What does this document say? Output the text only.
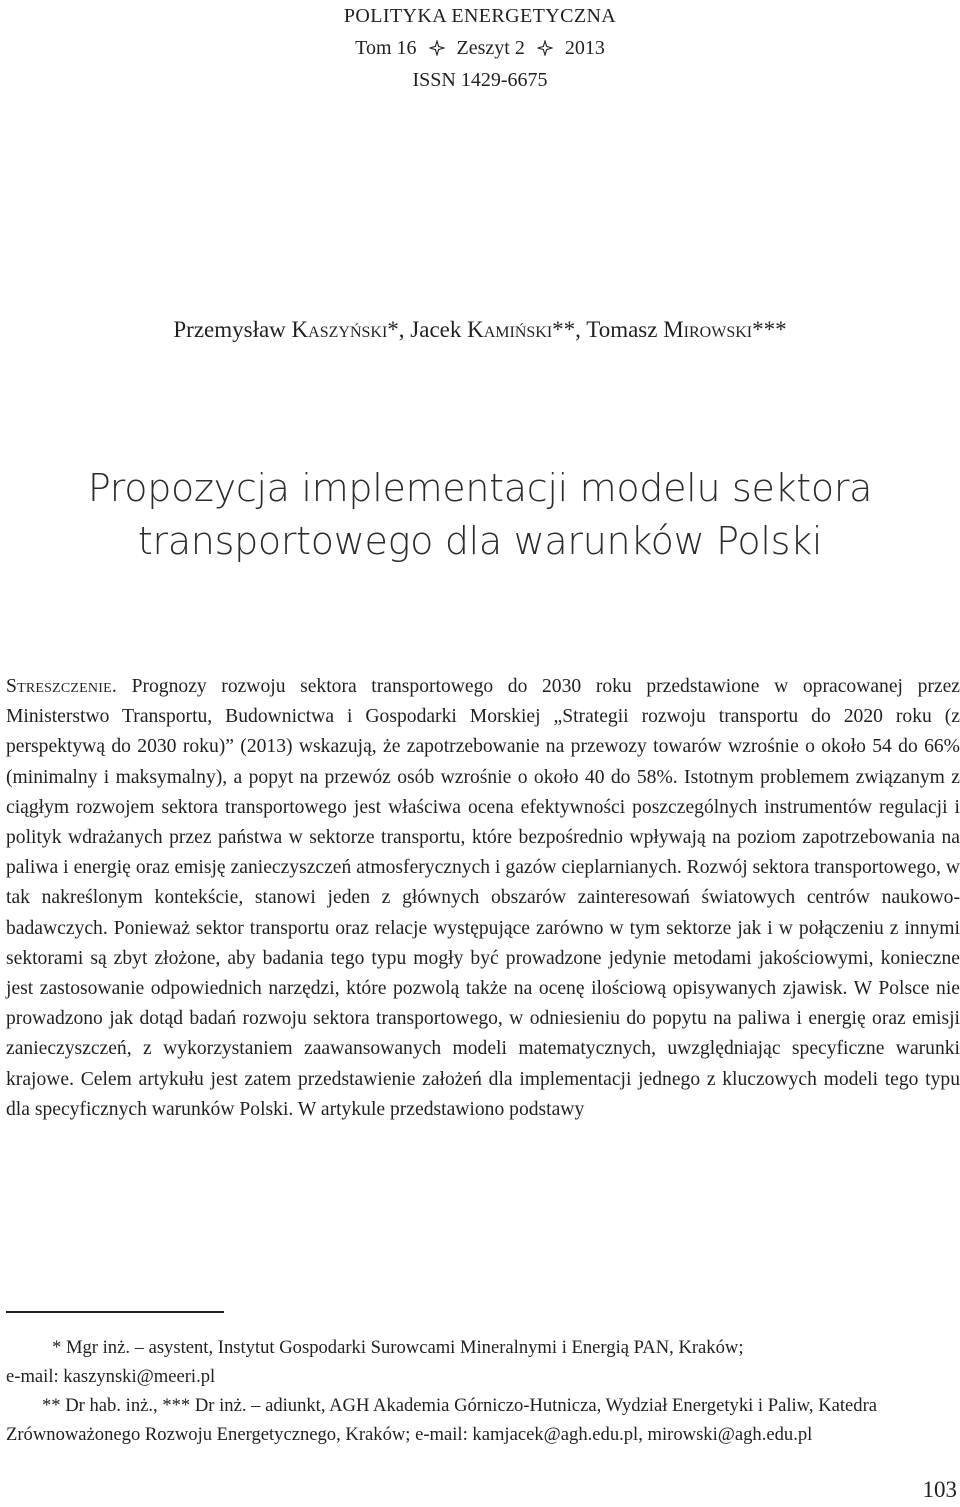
POLITYKA ENERGETYCZNA
Tom 16 Zeszyt 2 2013
ISSN 1429-6675
Przemysław Kaszyński*, Jacek Kamiński**, Tomasz Mirowski***
Propozycja implementacji modelu sektora
transportowego dla warunków Polski

Streszczenie. Prognozy rozwoju sektora transportowego do 2030 roku przedstawione w opracowanej przez Ministerstwo Transportu, Budownictwa i Gospodarki Morskiej „Strategii rozwoju transportu do 2020 roku (z perspektywą do 2030 roku)” (2013) wskazują, że zapotrzebowanie na przewozy towarów wzrośnie o około 54 do 66% (minimalny i maksymalny), a popyt na przewóz osób wzrośnie o około 40 do 58%. Istotnym problemem związanym z ciągłym rozwojem sektora transportowego jest właściwa ocena efektywności poszczególnych instrumentów regulacji i polityk wdrażanych przez państwa w sektorze transportu, które bezpośrednio wpływają na poziom zapotrzebowania na paliwa i energię oraz emisję zanieczyszczeń atmosferycznych i gazów cieplarnianych. Rozwój sektora transportowego, w tak nakreślonym kontekście, stanowi jeden z głównych obszarów zainteresowań światowych centrów naukowo-badawczych. Ponieważ sektor transportu oraz relacje występujące zarówno w tym sektorze jak i w połączeniu z innymi sektorami są zbyt złożone, aby badania tego typu mogły być prowadzone jedynie metodami jakościowymi, konieczne jest zastosowanie odpowiednich narzędzi, które pozwolą także na ocenę ilościową opisywanych zjawisk. W Polsce nie prowadzono jak dotąd badań rozwoju sektora transportowego, w odniesieniu do popytu na paliwa i energię oraz emisji zanieczyszczeń, z wykorzystaniem zaawansowanych modeli matematycznych, uwzględniając specyficzne warunki krajowe. Celem artykułu jest zatem przedstawienie założeń dla implementacji jednego z kluczowych modeli tego typu dla specyficznych warunków Polski. W artykule przedstawiono podstawy

* Mgr inż. – asystent, Instytut Gospodarki Surowcami Mineralnymi i Energią PAN, Kraków;
e-mail: kaszynski@meeri.pl
** Dr hab. inż., *** Dr inż. – adiunkt, AGH Akademia Górniczo-Hutnicza, Wydział Energetyki i Paliw, Katedra
Zrównoważonego Rozwoju Energetycznego, Kraków; e-mail: kamjacek@agh.edu.pl, mirowski@agh.edu.pl
103
